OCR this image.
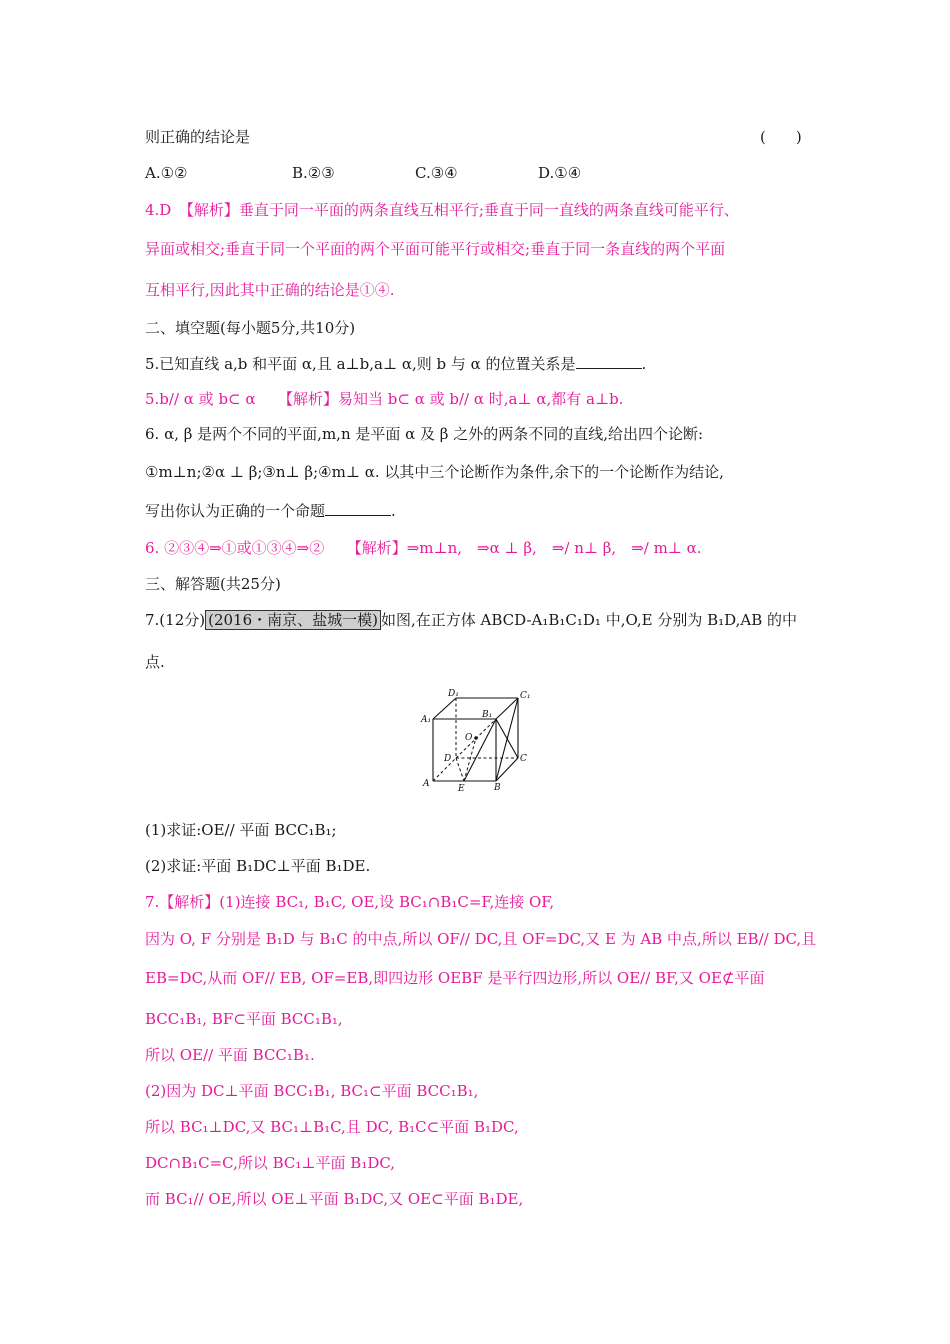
则正确的结论是	(　　)
A.①②	B.②③	C.③④	D.①④
4.D　【解析】垂直于同一平面的两条直线互相平行;垂直于同一直线的两条直线可能平行、
异面或相交;垂直于同一个平面的两个平面可能平行或相交;垂直于同一条直线的两个平面
互相平行,因此其中正确的结论是①④.
二、填空题(每小题5分,共10分)
5.已知直线 a,b 和平面 α,且 a⊥b,a⊥ α,则 b 与 α 的位置关系是	.
5.b// α 或 b⊂ α　　【解析】易知当 b⊂ α 或 b// α 时,a⊥ α,都有 a⊥b.
6. α, β 是两个不同的平面,m,n 是平面 α 及 β 之外的两条不同的直线,给出四个论断:
①m⊥n;②α ⊥ β;③n⊥ β;④m⊥ α. 以其中三个论断作为条件,余下的一个论断作为结论,
写出你认为正确的一个命题	.
6. ②③④⇒①或①③④⇒②　　【解析】⇒m⊥n,　⇒α ⊥ β,　⇒∕ n⊥ β,　⇒∕ m⊥ α.
三、解答题(共25分)
7.(12分) (2016・南京、盐城一模) 如图,在正方体 ABCD-A₁B₁C₁D₁ 中,O,E 分别为 B₁D,AB 的中
点.
D₁	C₁
A₁	B₁
O
D	C
A	E	B
(1)求证:OE// 平面 BCC₁B₁;
(2)求证:平面 B₁DC⊥平面 B₁DE.
7.【解析】(1)连接 BC₁, B₁C, OE,设 BC₁∩B₁C=F,连接 OF,
因为 O, F 分别是 B₁D 与 B₁C 的中点,所以 OF// DC,且 OF=DC,又 E 为 AB 中点,所以 EB// DC,且
EB=DC,从而 OF// EB, OF=EB,即四边形 OEBF 是平行四边形,所以 OE// BF,又 OE⊄平面
BCC₁B₁, BF⊂平面 BCC₁B₁,
所以 OE// 平面 BCC₁B₁.
(2)因为 DC⊥平面 BCC₁B₁, BC₁⊂平面 BCC₁B₁,
所以 BC₁⊥DC,又 BC₁⊥B₁C,且 DC, B₁C⊂平面 B₁DC,
DC∩B₁C=C,所以 BC₁⊥平面 B₁DC,
而 BC₁// OE,所以 OE⊥平面 B₁DC,又 OE⊂平面 B₁DE,
